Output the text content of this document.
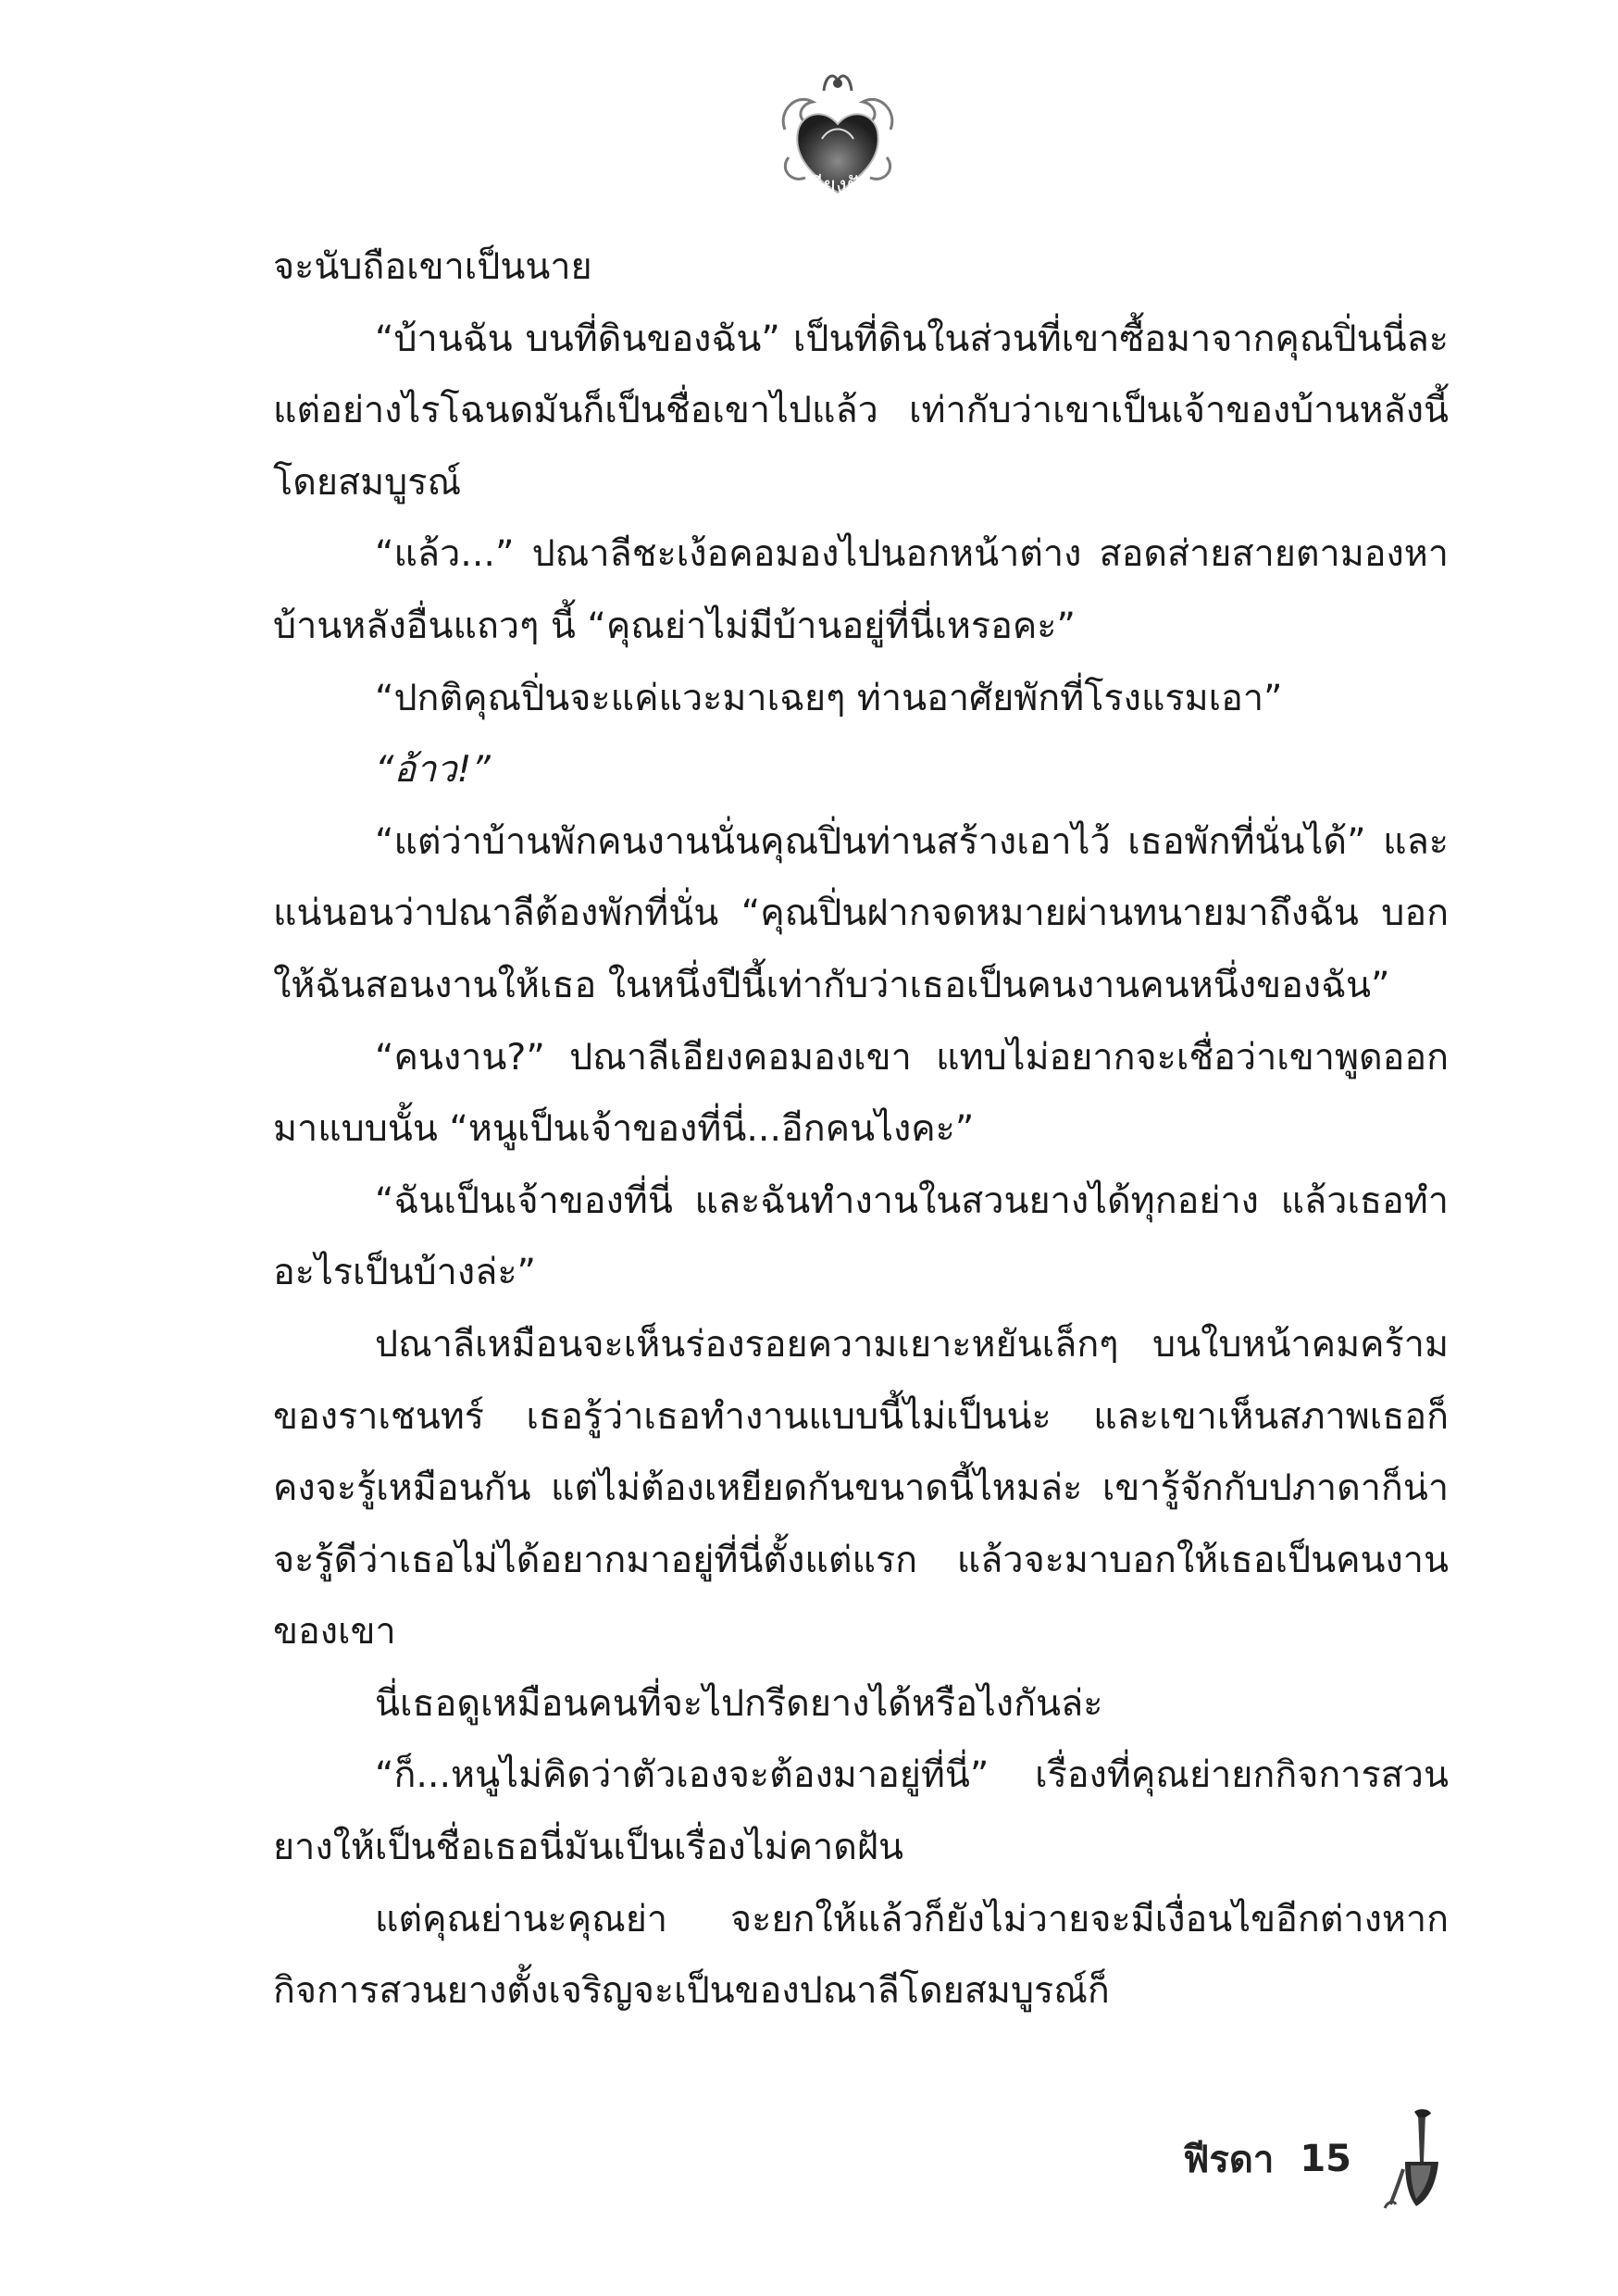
เพียงฝัน

จะนับถือเขาเป็นนาย

“บ้านฉัน บนที่ดินของฉัน” เป็นที่ดินในส่วนที่เขาซื้อมาจากคุณปิ่นนี่ละ แต่อย่างไรโฉนดมันก็เป็นชื่อเขาไปแล้ว เท่ากับว่าเขาเป็นเจ้าของบ้านหลังนี้โดยสมบูรณ์

“แล้ว...” ปณาลีชะเง้อคอมองไปนอกหน้าต่าง สอดส่ายสายตามองหาบ้านหลังอื่นแถวๆ นี้ “คุณย่าไม่มีบ้านอยู่ที่นี่เหรอคะ”

“ปกติคุณปิ่นจะแค่แวะมาเฉยๆ ท่านอาศัยพักที่โรงแรมเอา”

“อ้าว!”

“แต่ว่าบ้านพักคนงานนั่นคุณปิ่นท่านสร้างเอาไว้ เธอพักที่นั่นได้” และแน่นอนว่าปณาลีต้องพักที่นั่น “คุณปิ่นฝากจดหมายผ่านทนายมาถึงฉัน บอกให้ฉันสอนงานให้เธอ ในหนึ่งปีนี้เท่ากับว่าเธอเป็นคนงานคนหนึ่งของฉัน”

“คนงาน?” ปณาลีเอียงคอมองเขา แทบไม่อยากจะเชื่อว่าเขาพูดออกมาแบบนั้น “หนูเป็นเจ้าของที่นี่...อีกคนไงคะ”

“ฉันเป็นเจ้าของที่นี่ และฉันทำงานในสวนยางได้ทุกอย่าง แล้วเธอทำอะไรเป็นบ้างล่ะ”

ปณาลีเหมือนจะเห็นร่องรอยความเยาะหยันเล็กๆ บนใบหน้าคมคร้ามของราเชนทร์ เธอรู้ว่าเธอทำงานแบบนี้ไม่เป็นน่ะ และเขาเห็นสภาพเธอก็คงจะรู้เหมือนกัน แต่ไม่ต้องเหยียดกันขนาดนี้ไหมล่ะ เขารู้จักกับปภาดาก็น่าจะรู้ดีว่าเธอไม่ได้อยากมาอยู่ที่นี่ตั้งแต่แรก แล้วจะมาบอกให้เธอเป็นคนงานของเขา

นี่เธอดูเหมือนคนที่จะไปกรีดยางได้หรือไงกันล่ะ

“ก็...หนูไม่คิดว่าตัวเองจะต้องมาอยู่ที่นี่” เรื่องที่คุณย่ายกกิจการสวนยางให้เป็นชื่อเธอนี่มันเป็นเรื่องไม่คาดฝัน

แต่คุณย่านะคุณย่า จะยกให้แล้วก็ยังไม่วายจะมีเงื่อนไขอีกต่างหาก กิจการสวนยางตั้งเจริญจะเป็นของปณาลีโดยสมบูรณ์ก็

ฟีรดา 15
